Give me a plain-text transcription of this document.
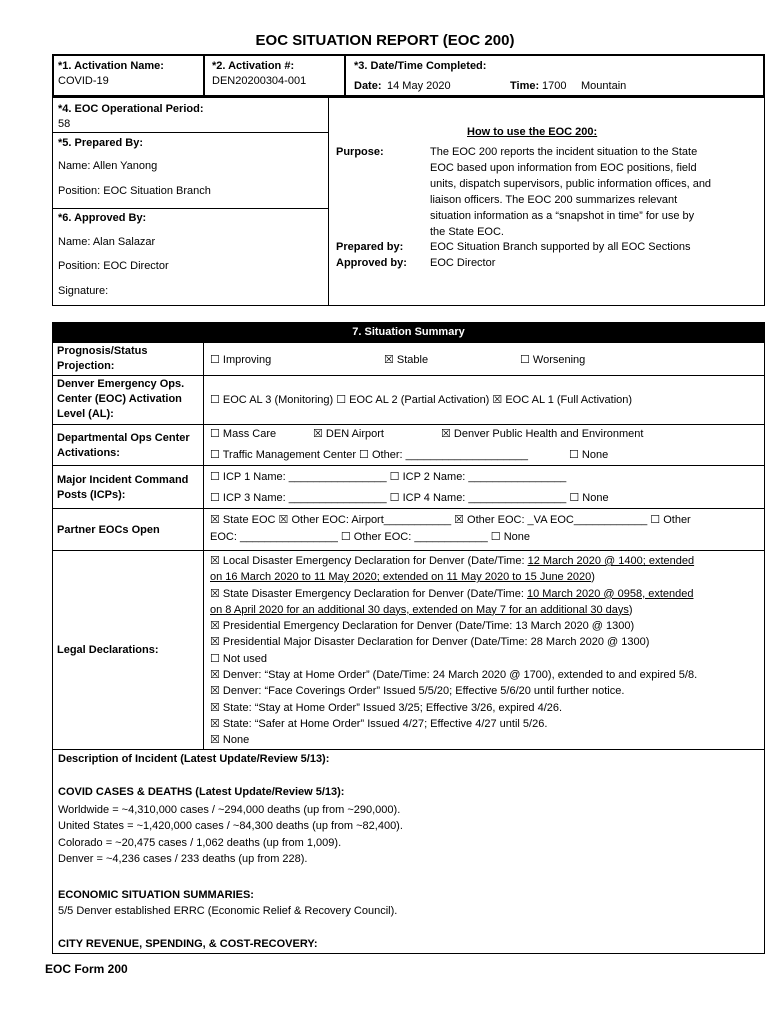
EOC SITUATION REPORT (EOC 200)
*1. Activation Name:
COVID-19
*2. Activation #:
DEN20200304-001
*3. Date/Time Completed:
Date: 14 May 2020	Time: 1700 Mountain
*4. EOC Operational Period:
58
*5. Prepared By:
Name: Allen Yanong
Position: EOC Situation Branch
*6. Approved By:
Name: Alan Salazar
Position: EOC Director
Signature:
How to use the EOC 200:
Purpose:	The EOC 200 reports the incident situation to the State
EOC based upon information from EOC positions, field
units, dispatch supervisors, public information offices, and
liaison officers. The EOC 200 summarizes relevant
situation information as a “snapshot in time” for use by
the State EOC.
Prepared by: EOC Situation Branch supported by all EOC Sections
Approved by: EOC Director
7. Situation Summary
Prognosis/Status Projection:	☐ Improving	☒ Stable	☐ Worsening
Denver Emergency Ops. Center (EOC) Activation Level (AL):
☐ EOC AL 3 (Monitoring) ☐ EOC AL 2 (Partial Activation) ☒ EOC AL 1 (Full Activation)
Departmental Ops Center Activations:
☐ Mass Care	☒ DEN Airport	☒ Denver Public Health and Environment
☐ Traffic Management Center ☐ Other: ____________________	☐ None
Major Incident Command Posts (ICPs):
☐ ICP 1 Name: ________________ ☐ ICP 2 Name: ________________
☐ ICP 3 Name: ________________ ☐ ICP 4 Name: ________________ ☐ None
Partner EOCs Open
☒ State EOC ☒ Other EOC: Airport___________ ☒ Other EOC: _VA EOC____________ ☐ Other
EOC: ________________ ☐ Other EOC: ____________ ☐ None
Legal Declarations:
☒ Local Disaster Emergency Declaration for Denver (Date/Time: 12 March 2020 @ 1400; extended
on 16 March 2020 to 11 May 2020; extended on 11 May 2020 to 15 June 2020)
☒ State Disaster Emergency Declaration for Denver (Date/Time: 10 March 2020 @ 0958, extended
on 8 April 2020 for an additional 30 days, extended on May 7 for an additional 30 days)
☒ Presidential Emergency Declaration for Denver (Date/Time: 13 March 2020 @ 1300)
☒ Presidential Major Disaster Declaration for Denver (Date/Time: 28 March 2020 @ 1300)
☐ Not used
☒ Denver: “Stay at Home Order” (Date/Time: 24 March 2020 @ 1700), extended to and expired 5/8.
☒ Denver: “Face Coverings Order” Issued 5/5/20; Effective 5/6/20 until further notice.
☒ State: “Stay at Home Order” Issued 3/25; Effective 3/26, expired 4/26.
☒ State: “Safer at Home Order” Issued 4/27; Effective 4/27 until 5/26.
☒ None
Description of Incident (Latest Update/Review 5/13):
COVID CASES & DEATHS (Latest Update/Review 5/13):
Worldwide = ~4,310,000 cases / ~294,000 deaths (up from ~290,000).
United States = ~1,420,000 cases / ~84,300 deaths (up from ~82,400).
Colorado = ~20,475 cases / 1,062 deaths (up from 1,009).
Denver = ~4,236 cases / 233 deaths (up from 228).
ECONOMIC SITUATION SUMMARIES:
5/5 Denver established ERRC (Economic Relief & Recovery Council).
CITY REVENUE, SPENDING, & COST-RECOVERY:
EOC Form 200
